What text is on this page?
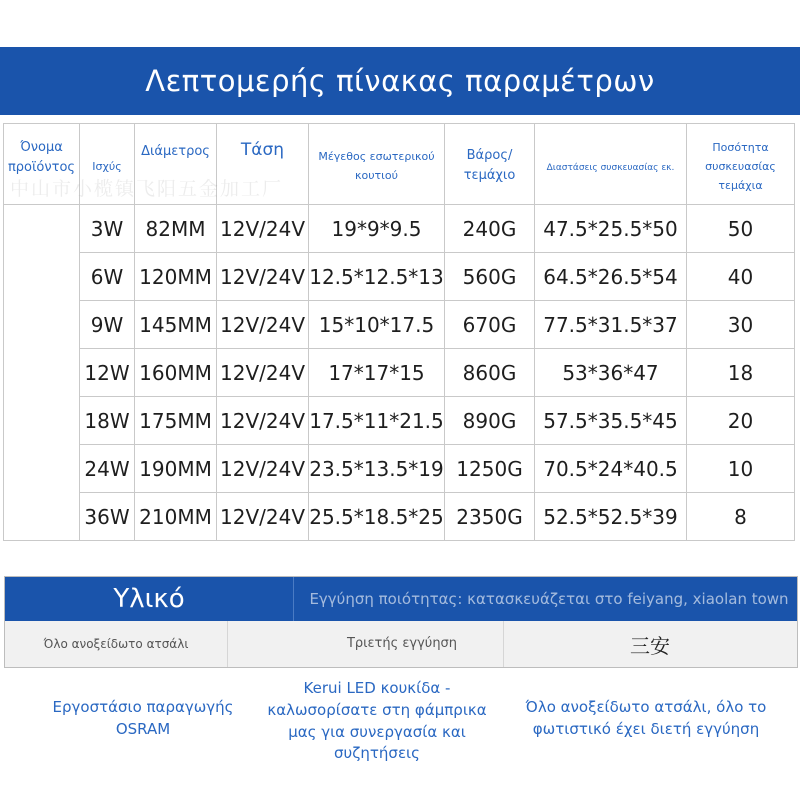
Λεπτομερής πίνακας παραμέτρων
Όνομα προϊόντος	Ισχύς	Διάμετρος	Τάση	Μέγεθος εσωτερικού κουτιού	Βάρος/τεμάχιο	Διαστάσεις συσκευασίας εκ.	Ποσότητα συσκευασίας τεμάχια
	3W	82MM	12V/24V	19*9*9.5	240G	47.5*25.5*50	50
	6W	120MM	12V/24V	12.5*12.5*13	560G	64.5*26.5*54	40
	9W	145MM	12V/24V	15*10*17.5	670G	77.5*31.5*37	30
	12W	160MM	12V/24V	17*17*15	860G	53*36*47	18
	18W	175MM	12V/24V	17.5*11*21.5	890G	57.5*35.5*45	20
	24W	190MM	12V/24V	23.5*13.5*19	1250G	70.5*24*40.5	10
	36W	210MM	12V/24V	25.5*18.5*25	2350G	52.5*52.5*39	8
中山市小榄镇飞阳五金加工厂
Υλικό	Εγγύηση ποιότητας: κατασκευάζεται στο feiyang, xiaolan town
Όλο ανοξείδωτο ατσάλι	Τριετής εγγύηση	三安
Εργοστάσιο παραγωγής OSRAM
Kerui LED κουκίδα - καλωσορίσατε στη φάμπρικα μας για συνεργασία και συζητήσεις
Όλο ανοξείδωτο ατσάλι, όλο το φωτιστικό έχει διετή εγγύηση
